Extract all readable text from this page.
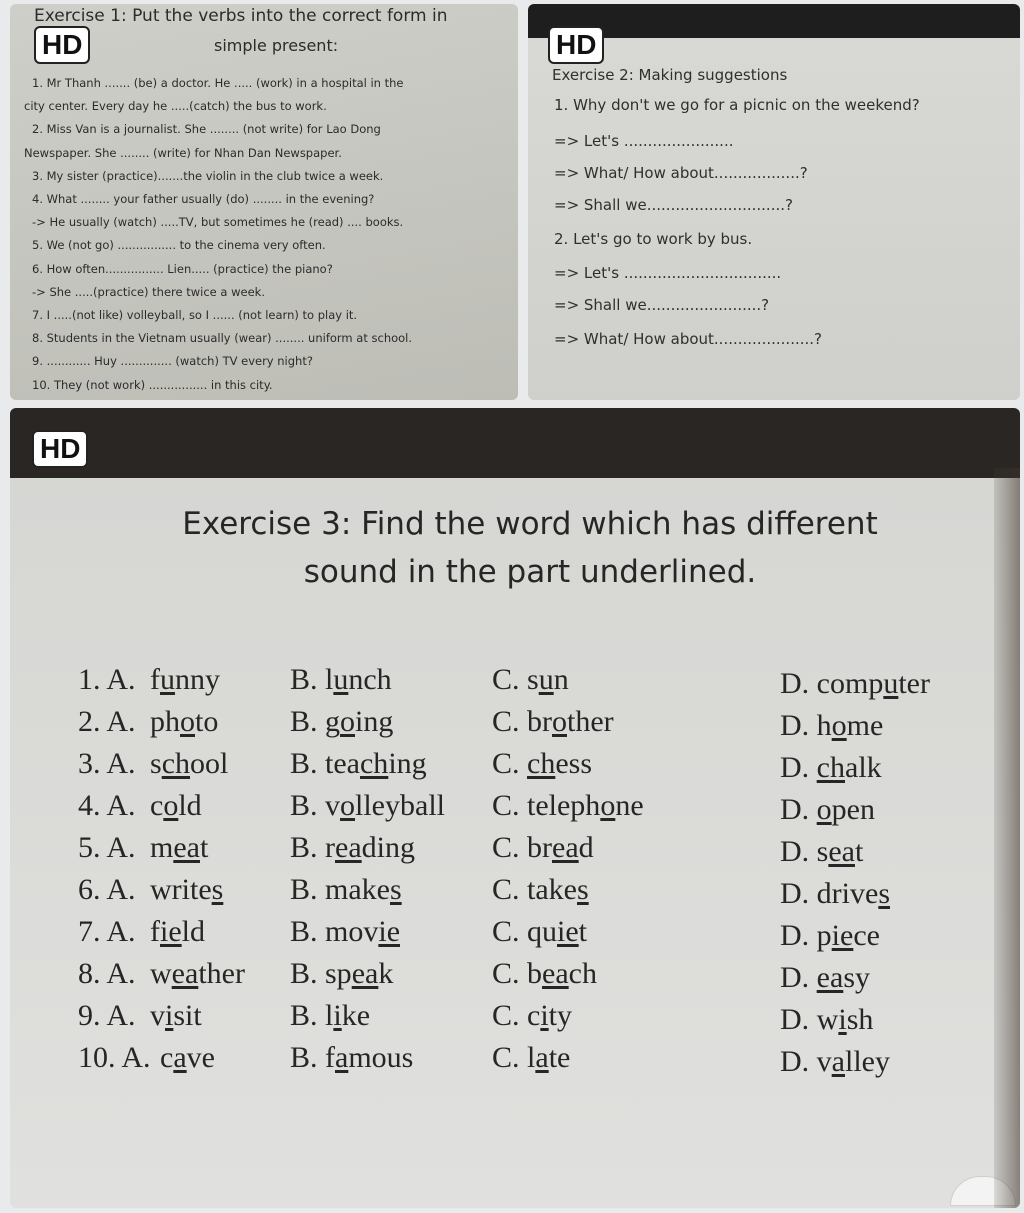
HD
Exercise 1: Put the verbs into the correct form in
simple present:
1. Mr Thanh ....... (be) a doctor. He ..... (work) in a hospital in the
city center. Every day he .....(catch) the bus to work.
2. Miss Van is a journalist. She ........ (not write) for Lao Dong
Newspaper. She ........ (write) for Nhan Dan Newspaper.
3. My sister (practice).......the violin in the club twice a week.
4. What ........ your father usually (do) ........ in the evening?
-> He usually (watch) .....TV, but sometimes he (read) .... books.
5. We (not go) ................ to the cinema very often.
6. How often................ Lien..... (practice) the piano?
-> She .....(practice) there twice a week.
7. I .....(not like) volleyball, so I ...... (not learn) to play it.
8. Students in the Vietnam usually (wear) ........ uniform at school.
9. ............ Huy .............. (watch) TV every night?
10. They (not work) ................ in this city.
HD
Exercise 2: Making suggestions
1. Why don't we go for a picnic on the weekend?
=> Let's .......................
=> What/ How about..................?
=> Shall we.............................?
2. Let's go to work by bus.
=> Let's .................................
=> Shall we........................?
=> What/ How about.....................?
HD
Exercise 3: Find the word which has different
sound in the part underlined.
1. A. funny B. lunch	C. sun	D. computer
2. A. photo B. going	C. brother	D. home
3. A. school B. teaching C. chess	D. chalk
4. A. cold	B. volleyball C. telephone	D. open
5. A. meat	B. reading	C. bread	D. seat
6. A. writes B. makes	C. takes	D. drives
7. A. field	B. movie	C. quiet	D. piece
8. A. weather B. speak	C. beach	D. easy
9. A. visit	B. like	C. city	D. wish
10. A. cave	B. famous	C. late	D. valley
